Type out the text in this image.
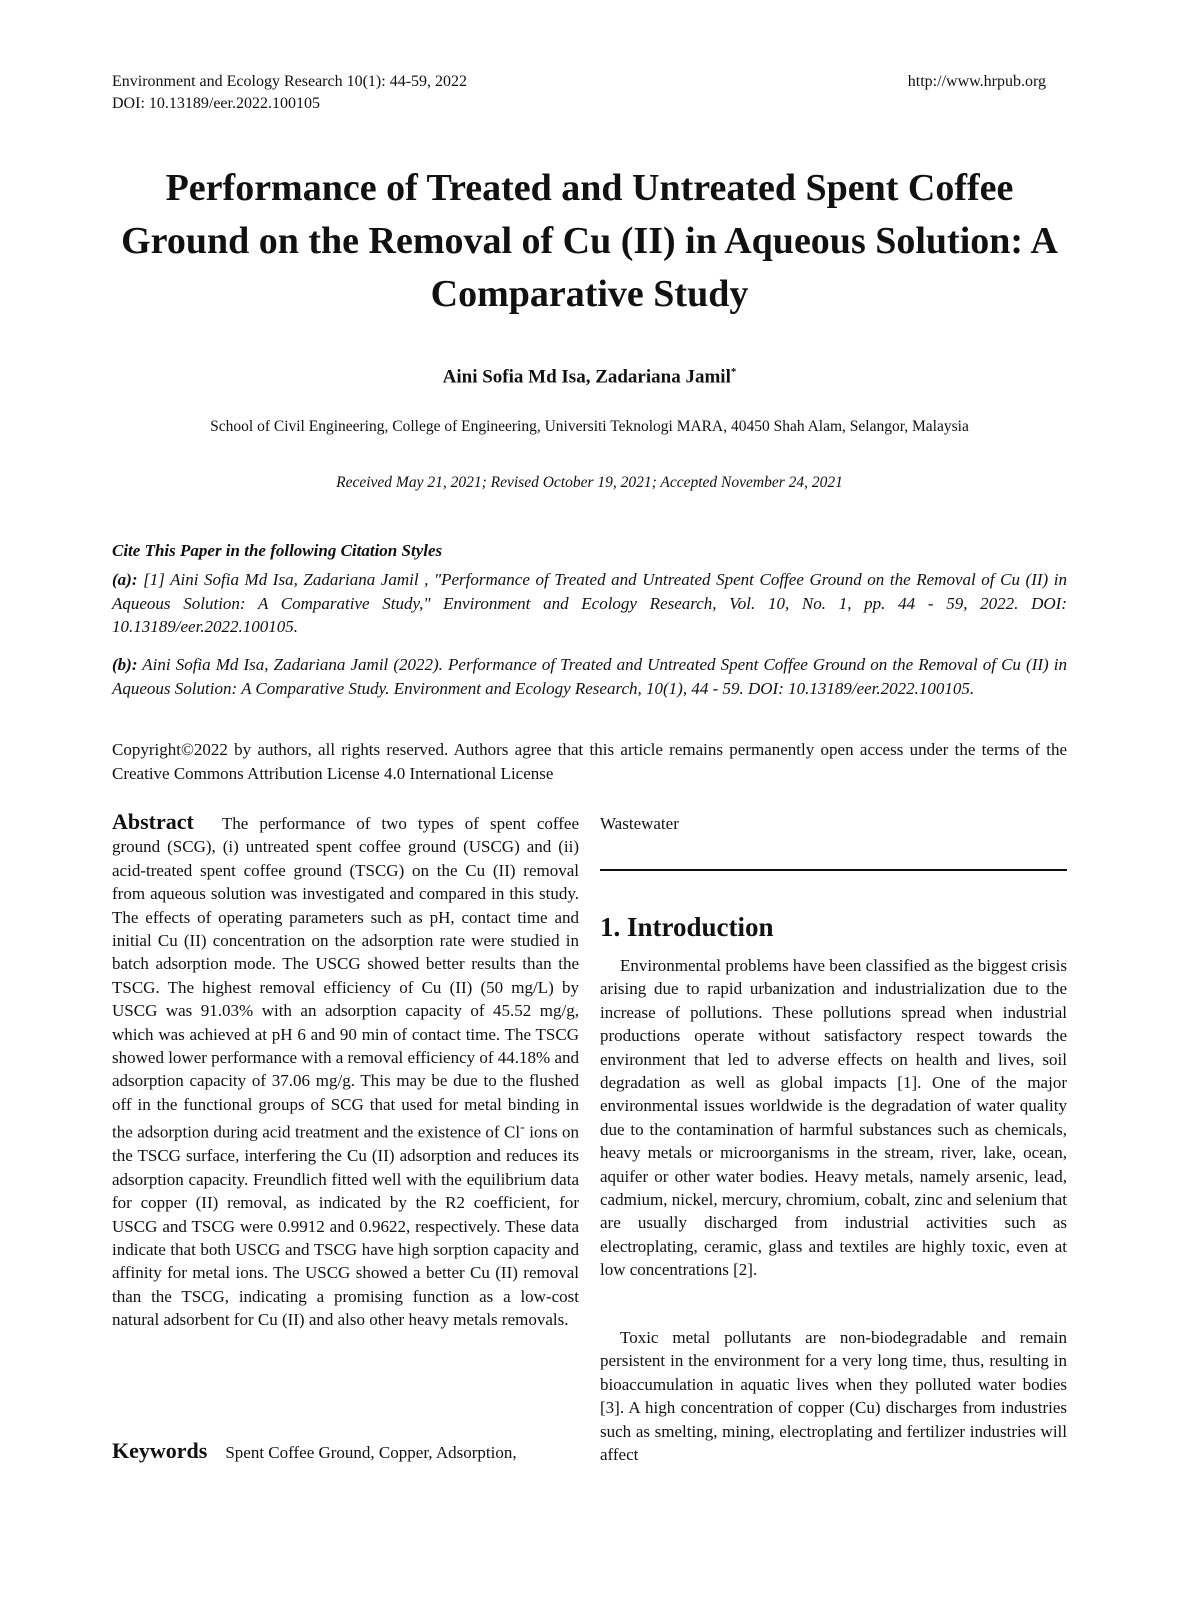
Environment and Ecology Research 10(1): 44-59, 2022
DOI: 10.13189/eer.2022.100105
http://www.hrpub.org
Performance of Treated and Untreated Spent Coffee Ground on the Removal of Cu (II) in Aqueous Solution: A Comparative Study
Aini Sofia Md Isa, Zadariana Jamil*
School of Civil Engineering, College of Engineering, Universiti Teknologi MARA, 40450 Shah Alam, Selangor, Malaysia
Received May 21, 2021; Revised October 19, 2021; Accepted November 24, 2021
Cite This Paper in the following Citation Styles
(a): [1] Aini Sofia Md Isa, Zadariana Jamil , "Performance of Treated and Untreated Spent Coffee Ground on the Removal of Cu (II) in Aqueous Solution: A Comparative Study," Environment and Ecology Research, Vol. 10, No. 1, pp. 44 - 59, 2022. DOI: 10.13189/eer.2022.100105.
(b): Aini Sofia Md Isa, Zadariana Jamil (2022). Performance of Treated and Untreated Spent Coffee Ground on the Removal of Cu (II) in Aqueous Solution: A Comparative Study. Environment and Ecology Research, 10(1), 44 - 59. DOI: 10.13189/eer.2022.100105.
Copyright©2022 by authors, all rights reserved. Authors agree that this article remains permanently open access under the terms of the Creative Commons Attribution License 4.0 International License
Abstract The performance of two types of spent coffee ground (SCG), (i) untreated spent coffee ground (USCG) and (ii) acid-treated spent coffee ground (TSCG) on the Cu (II) removal from aqueous solution was investigated and compared in this study. The effects of operating parameters such as pH, contact time and initial Cu (II) concentration on the adsorption rate were studied in batch adsorption mode. The USCG showed better results than the TSCG. The highest removal efficiency of Cu (II) (50 mg/L) by USCG was 91.03% with an adsorption capacity of 45.52 mg/g, which was achieved at pH 6 and 90 min of contact time. The TSCG showed lower performance with a removal efficiency of 44.18% and adsorption capacity of 37.06 mg/g. This may be due to the flushed off in the functional groups of SCG that used for metal binding in the adsorption during acid treatment and the existence of Cl- ions on the TSCG surface, interfering the Cu (II) adsorption and reduces its adsorption capacity. Freundlich fitted well with the equilibrium data for copper (II) removal, as indicated by the R2 coefficient, for USCG and TSCG were 0.9912 and 0.9622, respectively. These data indicate that both USCG and TSCG have high sorption capacity and affinity for metal ions. The USCG showed a better Cu (II) removal than the TSCG, indicating a promising function as a low-cost natural adsorbent for Cu (II) and also other heavy metals removals.
Keywords Spent Coffee Ground, Copper, Adsorption,
Wastewater
1. Introduction
Environmental problems have been classified as the biggest crisis arising due to rapid urbanization and industrialization due to the increase of pollutions. These pollutions spread when industrial productions operate without satisfactory respect towards the environment that led to adverse effects on health and lives, soil degradation as well as global impacts [1]. One of the major environmental issues worldwide is the degradation of water quality due to the contamination of harmful substances such as chemicals, heavy metals or microorganisms in the stream, river, lake, ocean, aquifer or other water bodies. Heavy metals, namely arsenic, lead, cadmium, nickel, mercury, chromium, cobalt, zinc and selenium that are usually discharged from industrial activities such as electroplating, ceramic, glass and textiles are highly toxic, even at low concentrations [2].
Toxic metal pollutants are non-biodegradable and remain persistent in the environment for a very long time, thus, resulting in bioaccumulation in aquatic lives when they polluted water bodies [3]. A high concentration of copper (Cu) discharges from industries such as smelting, mining, electroplating and fertilizer industries will affect
